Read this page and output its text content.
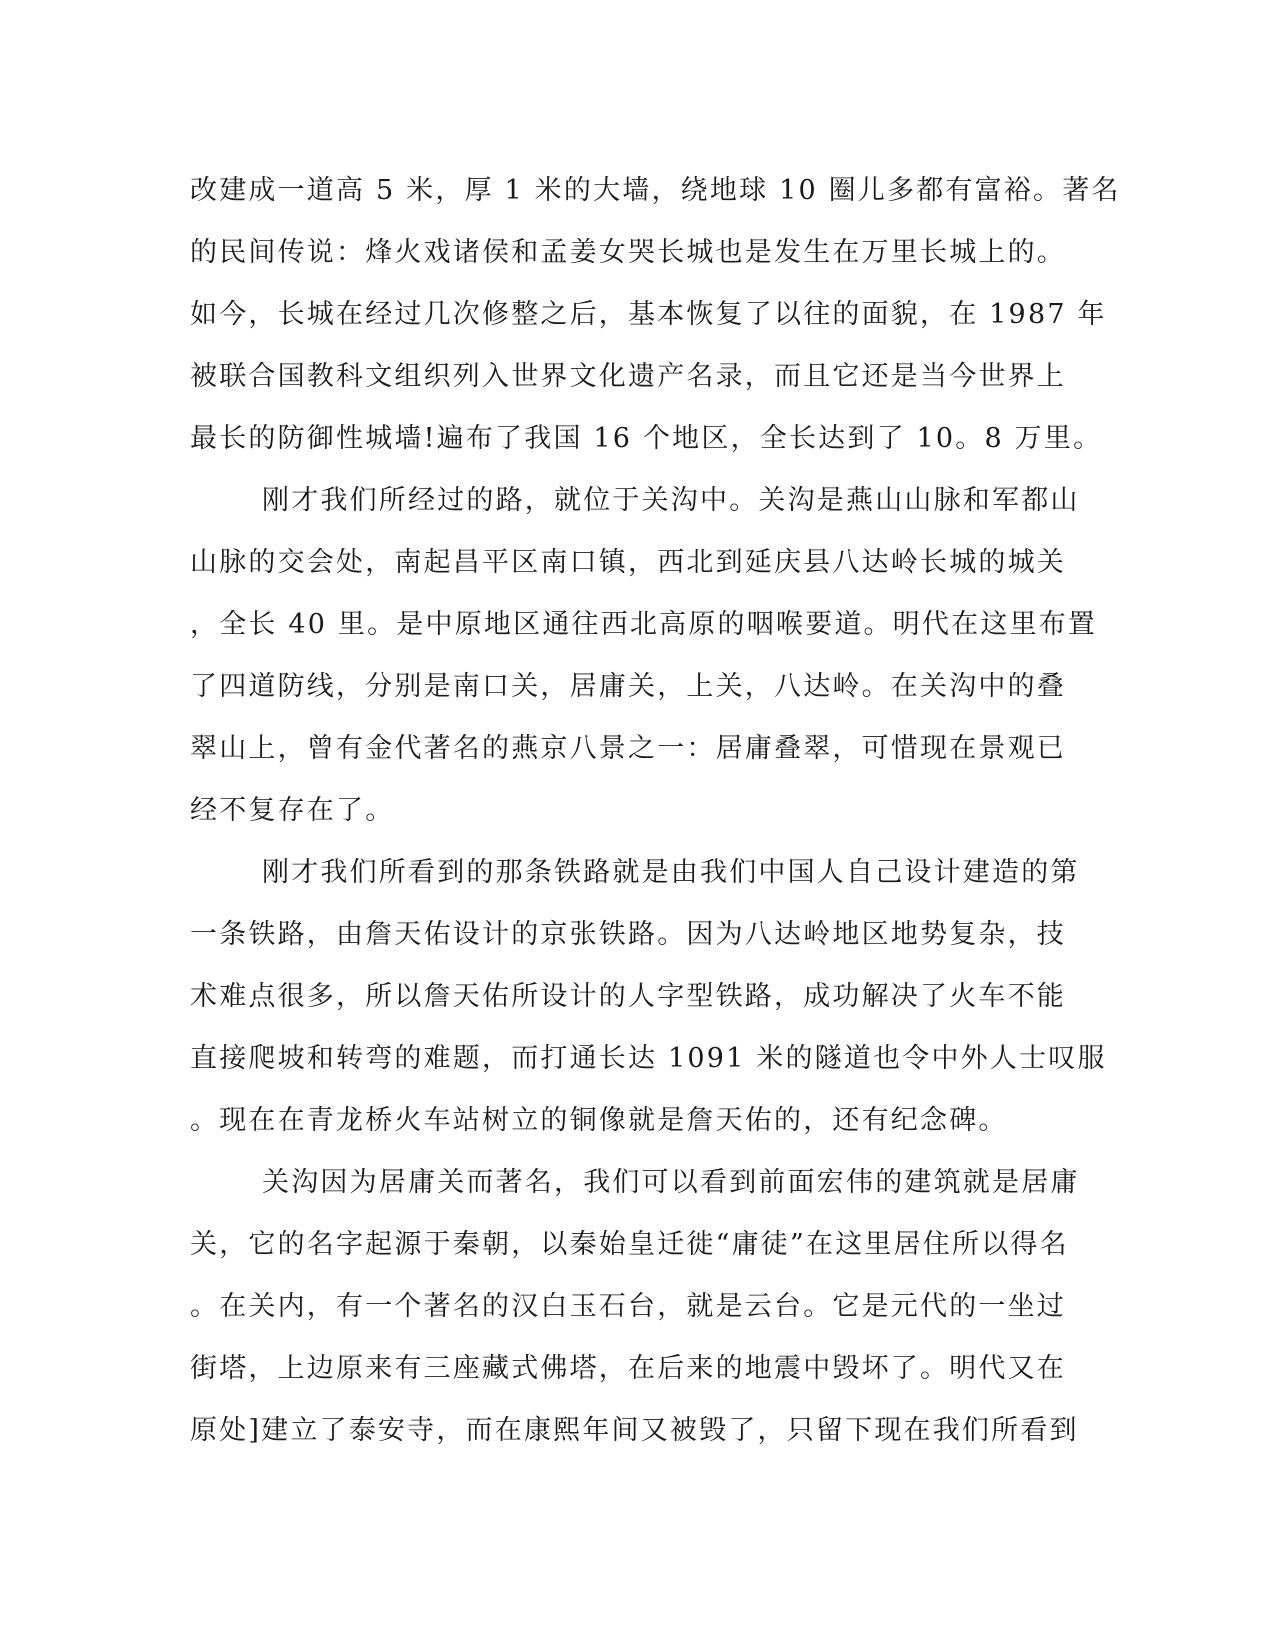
改建成一道高 5 米，厚 1 米的大墙，绕地球 10 圈儿多都有富裕。著名
的民间传说：烽火戏诸侯和孟姜女哭长城也是发生在万里长城上的。
如今，长城在经过几次修整之后，基本恢复了以往的面貌，在 1987 年
被联合国教科文组织列入世界文化遗产名录，而且它还是当今世界上
最长的防御性城墙!遍布了我国 16 个地区，全长达到了 10。8 万里。
刚才我们所经过的路，就位于关沟中。关沟是燕山山脉和军都山
山脉的交会处，南起昌平区南口镇，西北到延庆县八达岭长城的城关
，全长 40 里。是中原地区通往西北高原的咽喉要道。明代在这里布置
了四道防线，分别是南口关，居庸关，上关，八达岭。在关沟中的叠
翠山上，曾有金代著名的燕京八景之一：居庸叠翠，可惜现在景观已
经不复存在了。
刚才我们所看到的那条铁路就是由我们中国人自己设计建造的第
一条铁路，由詹天佑设计的京张铁路。因为八达岭地区地势复杂，技
术难点很多，所以詹天佑所设计的人字型铁路，成功解决了火车不能
直接爬坡和转弯的难题，而打通长达 1091 米的隧道也令中外人士叹服
。现在在青龙桥火车站树立的铜像就是詹天佑的，还有纪念碑。
关沟因为居庸关而著名，我们可以看到前面宏伟的建筑就是居庸
关，它的名字起源于秦朝，以秦始皇迁徙“庸徒”在这里居住所以得名
。在关内，有一个著名的汉白玉石台，就是云台。它是元代的一坐过
街塔，上边原来有三座藏式佛塔，在后来的地震中毁坏了。明代又在
原处]建立了泰安寺，而在康熙年间又被毁了，只留下现在我们所看到
